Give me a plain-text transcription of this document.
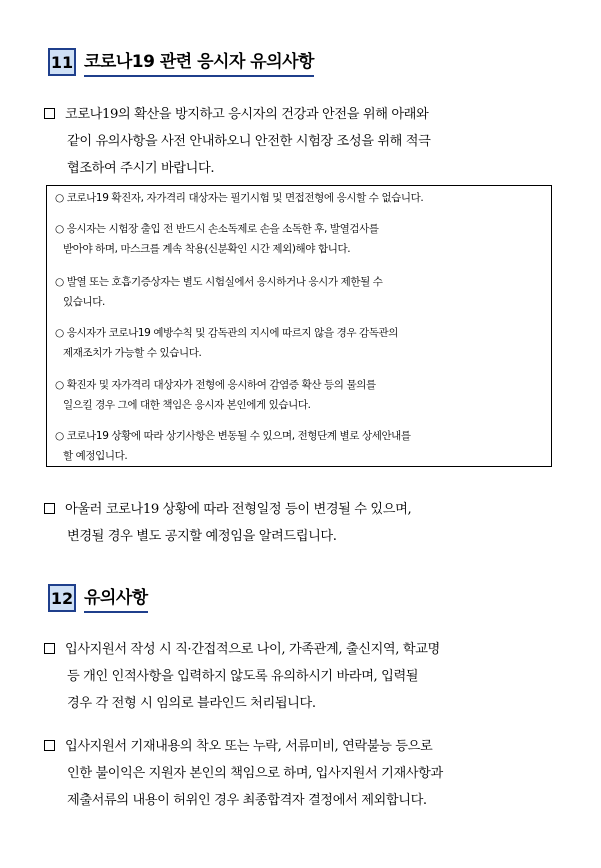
11 코로나19 관련 응시자 유의사항
코로나19의 확산을 방지하고 응시자의 건강과 안전을 위해 아래와
같이 유의사항을 사전 안내하오니 안전한 시험장 조성을 위해 적극
협조하여 주시기 바랍니다.
○ 코로나19 확진자, 자가격리 대상자는 필기시험 및 면접전형에 응시할 수 없습니다.
○ 응시자는 시험장 출입 전 반드시 손소독제로 손을 소독한 후, 발열검사를
받아야 하며, 마스크를 계속 착용(신분확인 시간 제외)해야 합니다.
○ 발열 또는 호흡기증상자는 별도 시험실에서 응시하거나 응시가 제한될 수
있습니다.
○ 응시자가 코로나19 예방수칙 및 감독관의 지시에 따르지 않을 경우 감독관의
제재조치가 가능할 수 있습니다.
○ 확진자 및 자가격리 대상자가 전형에 응시하여 감염증 확산 등의 물의를
일으킬 경우 그에 대한 책임은 응시자 본인에게 있습니다.
○ 코로나19 상황에 따라 상기사항은 변동될 수 있으며, 전형단계 별로 상세안내를
할 예정입니다.
아울러 코로나19 상황에 따라 전형일정 등이 변경될 수 있으며,
변경될 경우 별도 공지할 예정임을 알려드립니다.
12 유의사항
입사지원서 작성 시 직·간접적으로 나이, 가족관계, 출신지역, 학교명
등 개인 인적사항을 입력하지 않도록 유의하시기 바라며, 입력될
경우 각 전형 시 임의로 블라인드 처리됩니다.
입사지원서 기재내용의 착오 또는 누락, 서류미비, 연락불능 등으로
인한 불이익은 지원자 본인의 책임으로 하며, 입사지원서 기재사항과
제출서류의 내용이 허위인 경우 최종합격자 결정에서 제외합니다.
